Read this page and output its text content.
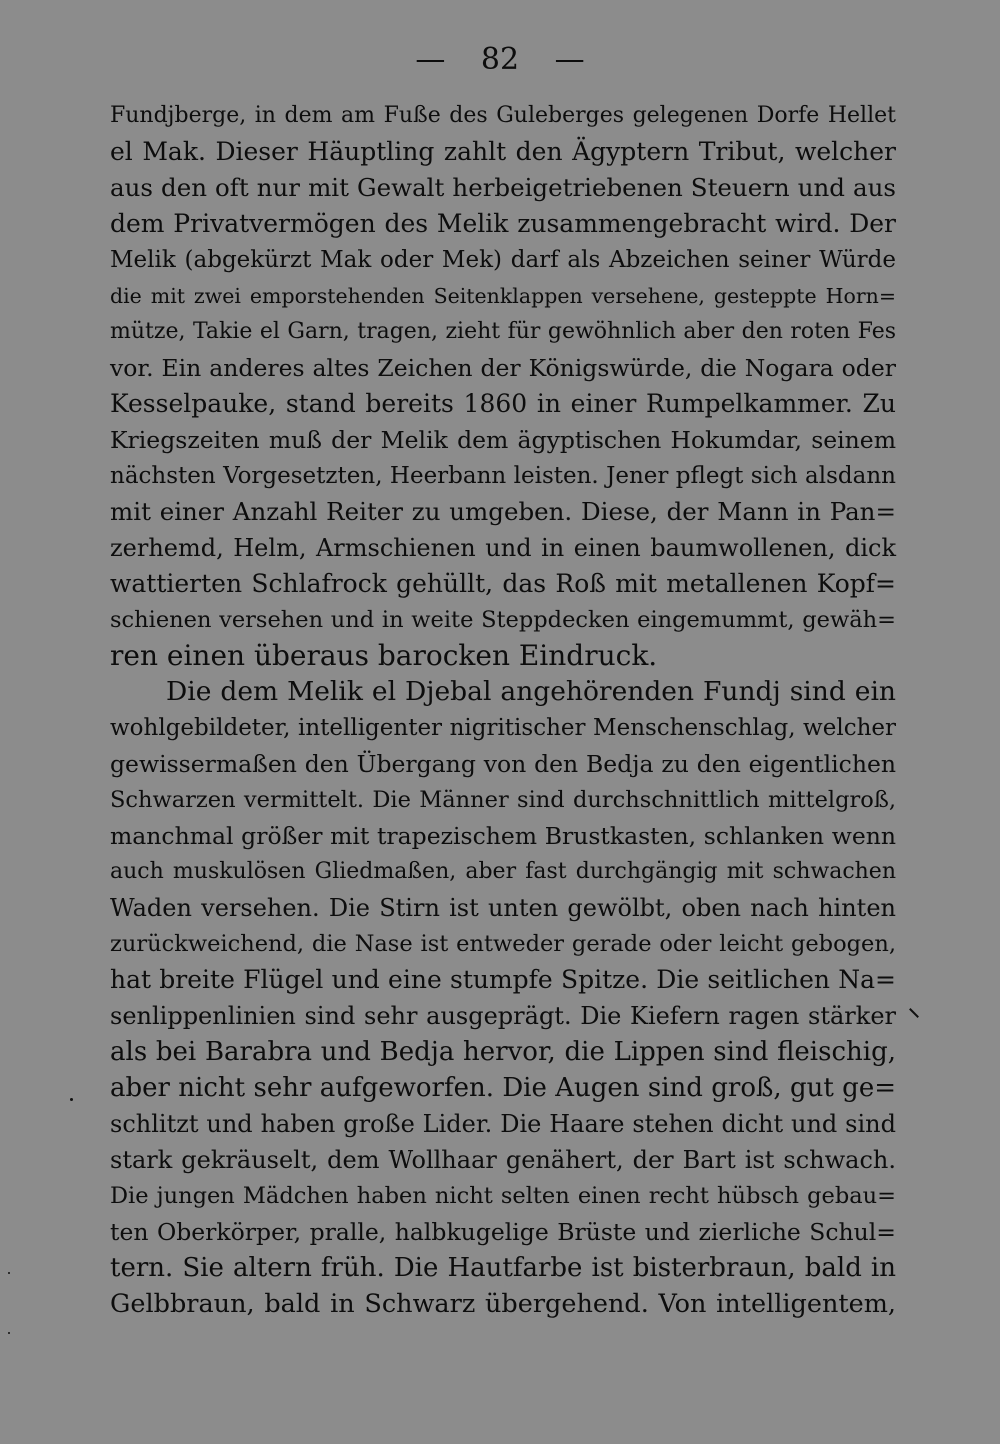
— 82 —
Fundjberge, in dem am Fuße des Guleberges gelegenen Dorfe Hellet
el Mak. Dieser Häuptling zahlt den Ägyptern Tribut, welcher
aus den oft nur mit Gewalt herbeigetriebenen Steuern und aus
dem Privatvermögen des Melik zusammengebracht wird. Der
Melik (abgekürzt Mak oder Mek) darf als Abzeichen seiner Würde
die mit zwei emporstehenden Seitenklappen versehene, gesteppte Horn=
mütze, Takie el Garn, tragen, zieht für gewöhnlich aber den roten Fes
vor. Ein anderes altes Zeichen der Königswürde, die Nogara oder
Kesselpauke, stand bereits 1860 in einer Rumpelkammer. Zu
Kriegszeiten muß der Melik dem ägyptischen Hokumdar, seinem
nächsten Vorgesetzten, Heerbann leisten. Jener pflegt sich alsdann
mit einer Anzahl Reiter zu umgeben. Diese, der Mann in Pan=
zerhemd, Helm, Armschienen und in einen baumwollenen, dick
wattierten Schlafrock gehüllt, das Roß mit metallenen Kopf=
schienen versehen und in weite Steppdecken eingemummt, gewäh=
ren einen überaus barocken Eindruck.
Die dem Melik el Djebal angehörenden Fundj sind ein
wohlgebildeter, intelligenter nigritischer Menschenschlag, welcher
gewissermaßen den Übergang von den Bedja zu den eigentlichen
Schwarzen vermittelt. Die Männer sind durchschnittlich mittelgroß,
manchmal größer mit trapezischem Brustkasten, schlanken wenn
auch muskulösen Gliedmaßen, aber fast durchgängig mit schwachen
Waden versehen. Die Stirn ist unten gewölbt, oben nach hinten
zurückweichend, die Nase ist entweder gerade oder leicht gebogen,
hat breite Flügel und eine stumpfe Spitze. Die seitlichen Na=
senlippenlinien sind sehr ausgeprägt. Die Kiefern ragen stärker
als bei Barabra und Bedja hervor, die Lippen sind fleischig,
aber nicht sehr aufgeworfen. Die Augen sind groß, gut ge=
schlitzt und haben große Lider. Die Haare stehen dicht und sind
stark gekräuselt, dem Wollhaar genähert, der Bart ist schwach.
Die jungen Mädchen haben nicht selten einen recht hübsch gebau=
ten Oberkörper, pralle, halbkugelige Brüste und zierliche Schul=
tern. Sie altern früh. Die Hautfarbe ist bisterbraun, bald in
Gelbbraun, bald in Schwarz übergehend. Von intelligentem,
